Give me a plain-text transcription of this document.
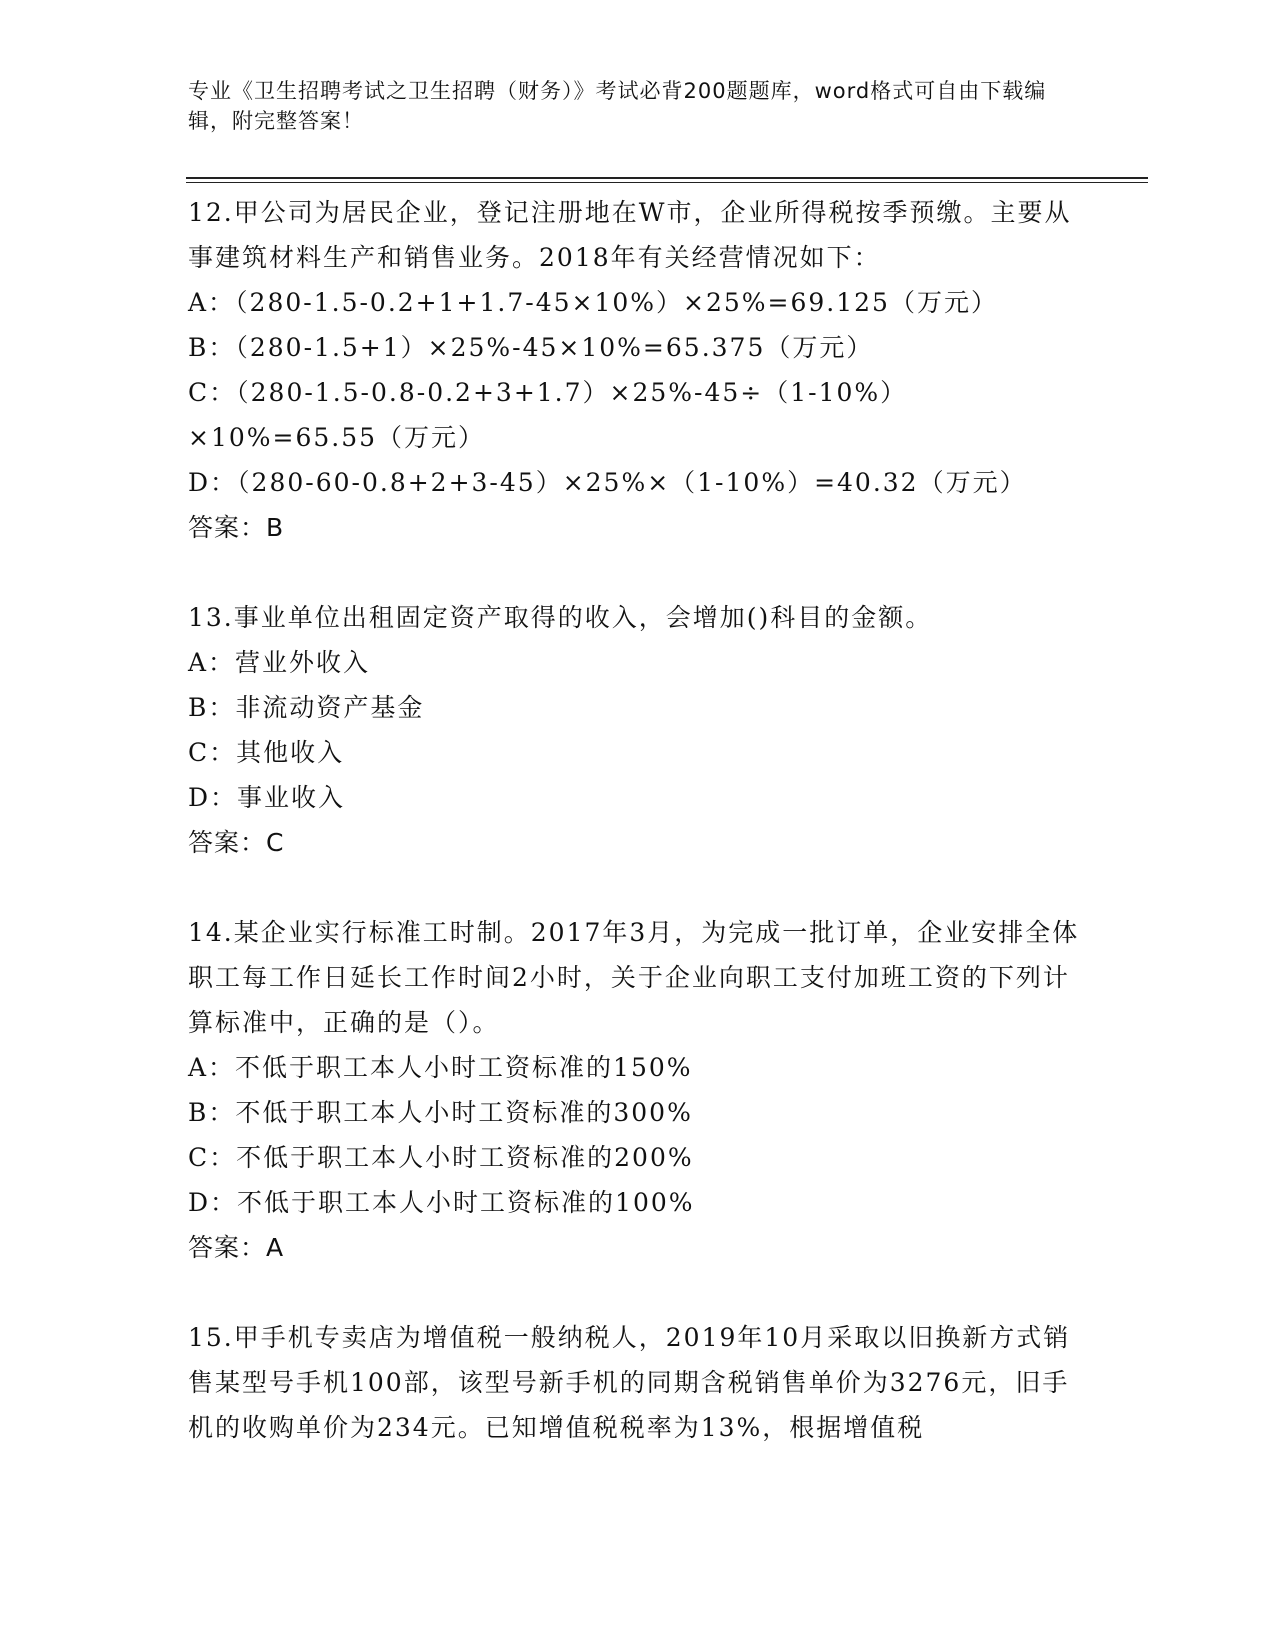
专业《卫生招聘考试之卫生招聘（财务）》考试必背200题题库，word格式可自由下载编辑，附完整答案！

12.甲公司为居民企业，登记注册地在W市，企业所得税按季预缴。主要从事建筑材料生产和销售业务。2018年有关经营情况如下：

A：（280-1.5-0.2+1+1.7-45×10%）×25%=69.125（万元）

B：（280-1.5+1）×25%-45×10%=65.375（万元）

C：（280-1.5-0.8-0.2+3+1.7）×25%-45÷（1-10%）×10%=65.55（万元）

D：（280-60-0.8+2+3-45）×25%×（1-10%）=40.32（万元）

答案：B

13.事业单位出租固定资产取得的收入，会增加()科目的金额。

A：营业外收入

B：非流动资产基金

C：其他收入

D：事业收入

答案：C

14.某企业实行标准工时制。2017年3月，为完成一批订单，企业安排全体职工每工作日延长工作时间2小时，关于企业向职工支付加班工资的下列计算标准中，正确的是（）。

A：不低于职工本人小时工资标准的150%

B：不低于职工本人小时工资标准的300%

C：不低于职工本人小时工资标准的200%

D：不低于职工本人小时工资标准的100%

答案：A

15.甲手机专卖店为增值税一般纳税人，2019年10月采取以旧换新方式销售某型号手机100部，该型号新手机的同期含税销售单价为3276元，旧手机的收购单价为234元。已知增值税税率为13%，根据增值税
